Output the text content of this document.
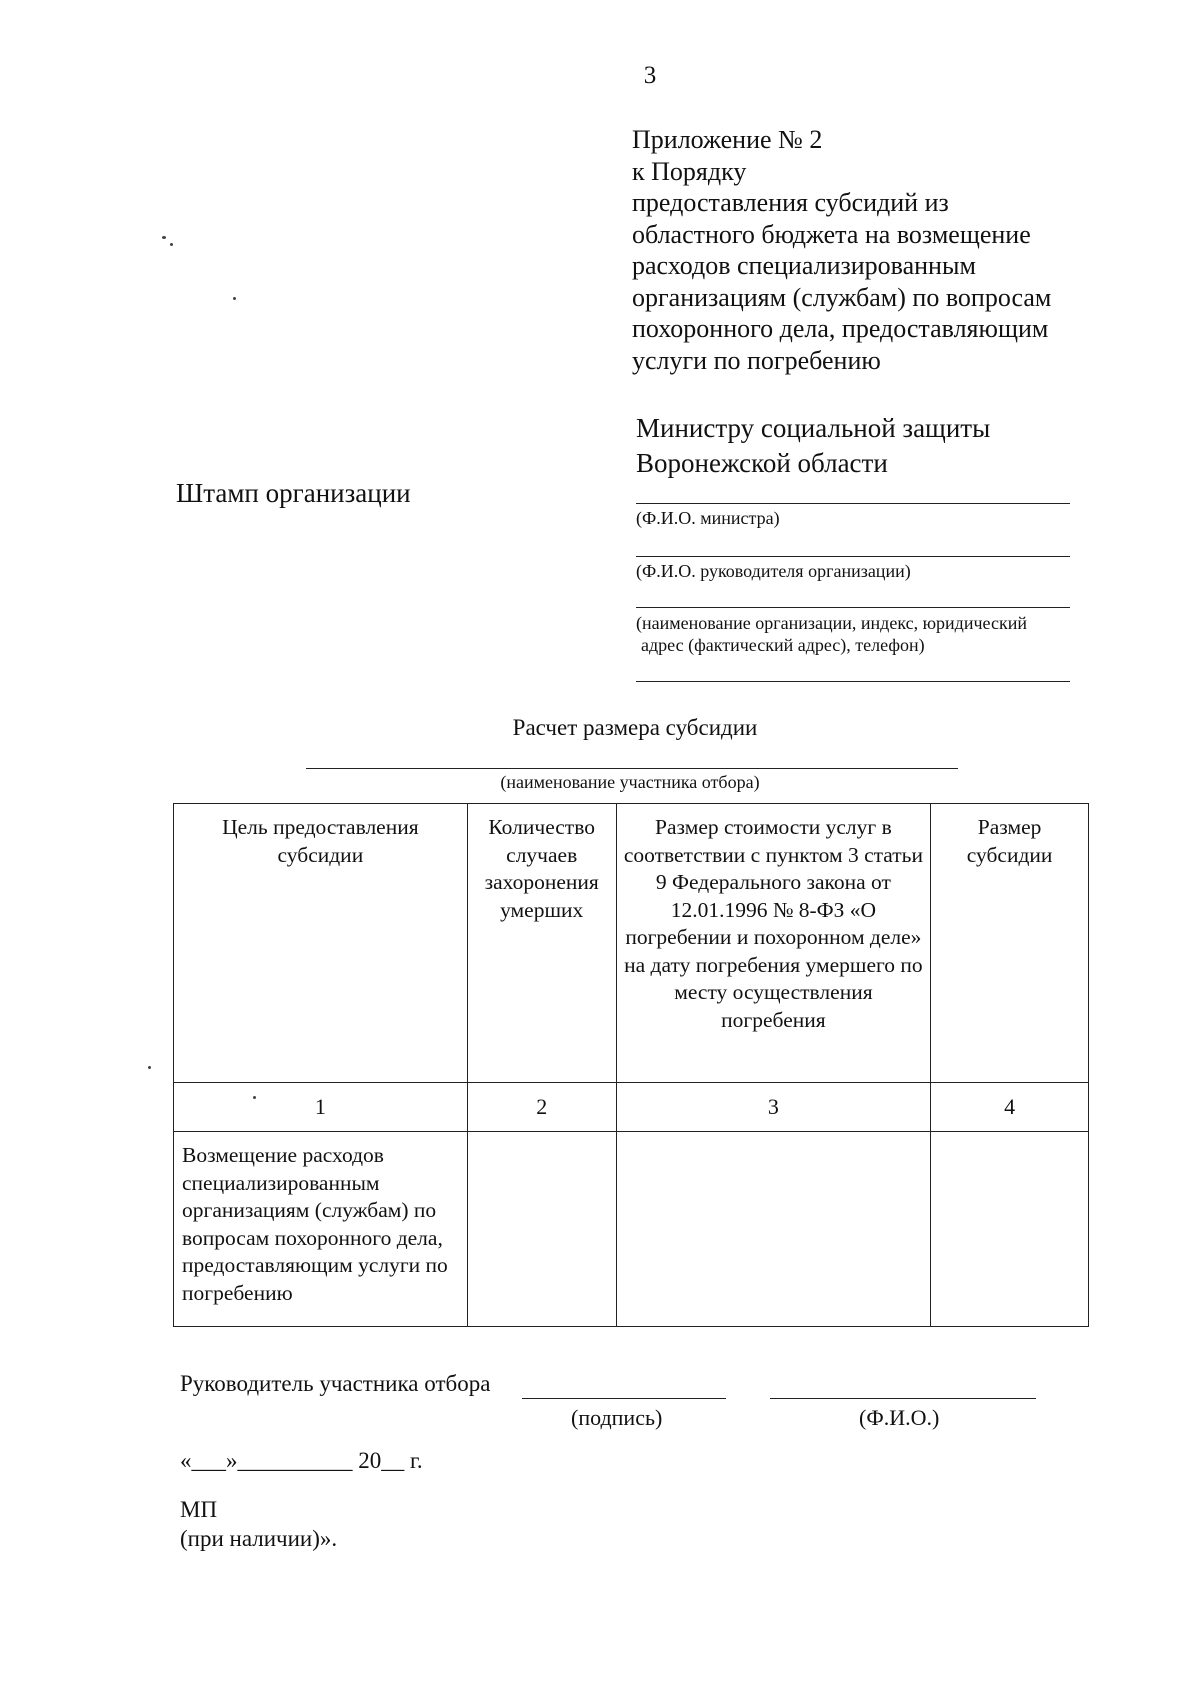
3
Приложение № 2
к Порядку
предоставления субсидий из
областного бюджета на возмещение
расходов специализированным
организациям (службам) по вопросам
похоронного дела, предоставляющим
услуги по погребению
Министру социальной защиты
Воронежской области
Штамп организации
(Ф.И.О. министра)
(Ф.И.О. руководителя организации)
(наименование организации, индекс, юридический
адрес (фактический адрес), телефон)
Расчет размера субсидии
(наименование участника отбора)
Цель предоставления субсидии	Количество случаев захоронения умерших	Размер стоимости услуг в соответствии с пунктом 3 статьи 9 Федерального закона от 12.01.1996 № 8-ФЗ «О погребении и похоронном деле» на дату погребения умершего по месту осуществления погребения	Размер субсидии
1	2	3	4
Возмещение расходов специализированным организациям (службам) по вопросам похоронного дела, предоставляющим услуги по погребению			
Руководитель участника отбора
(подпись)	(Ф.И.О.)
«___»__________ 20__ г.
МП
(при наличии)».
